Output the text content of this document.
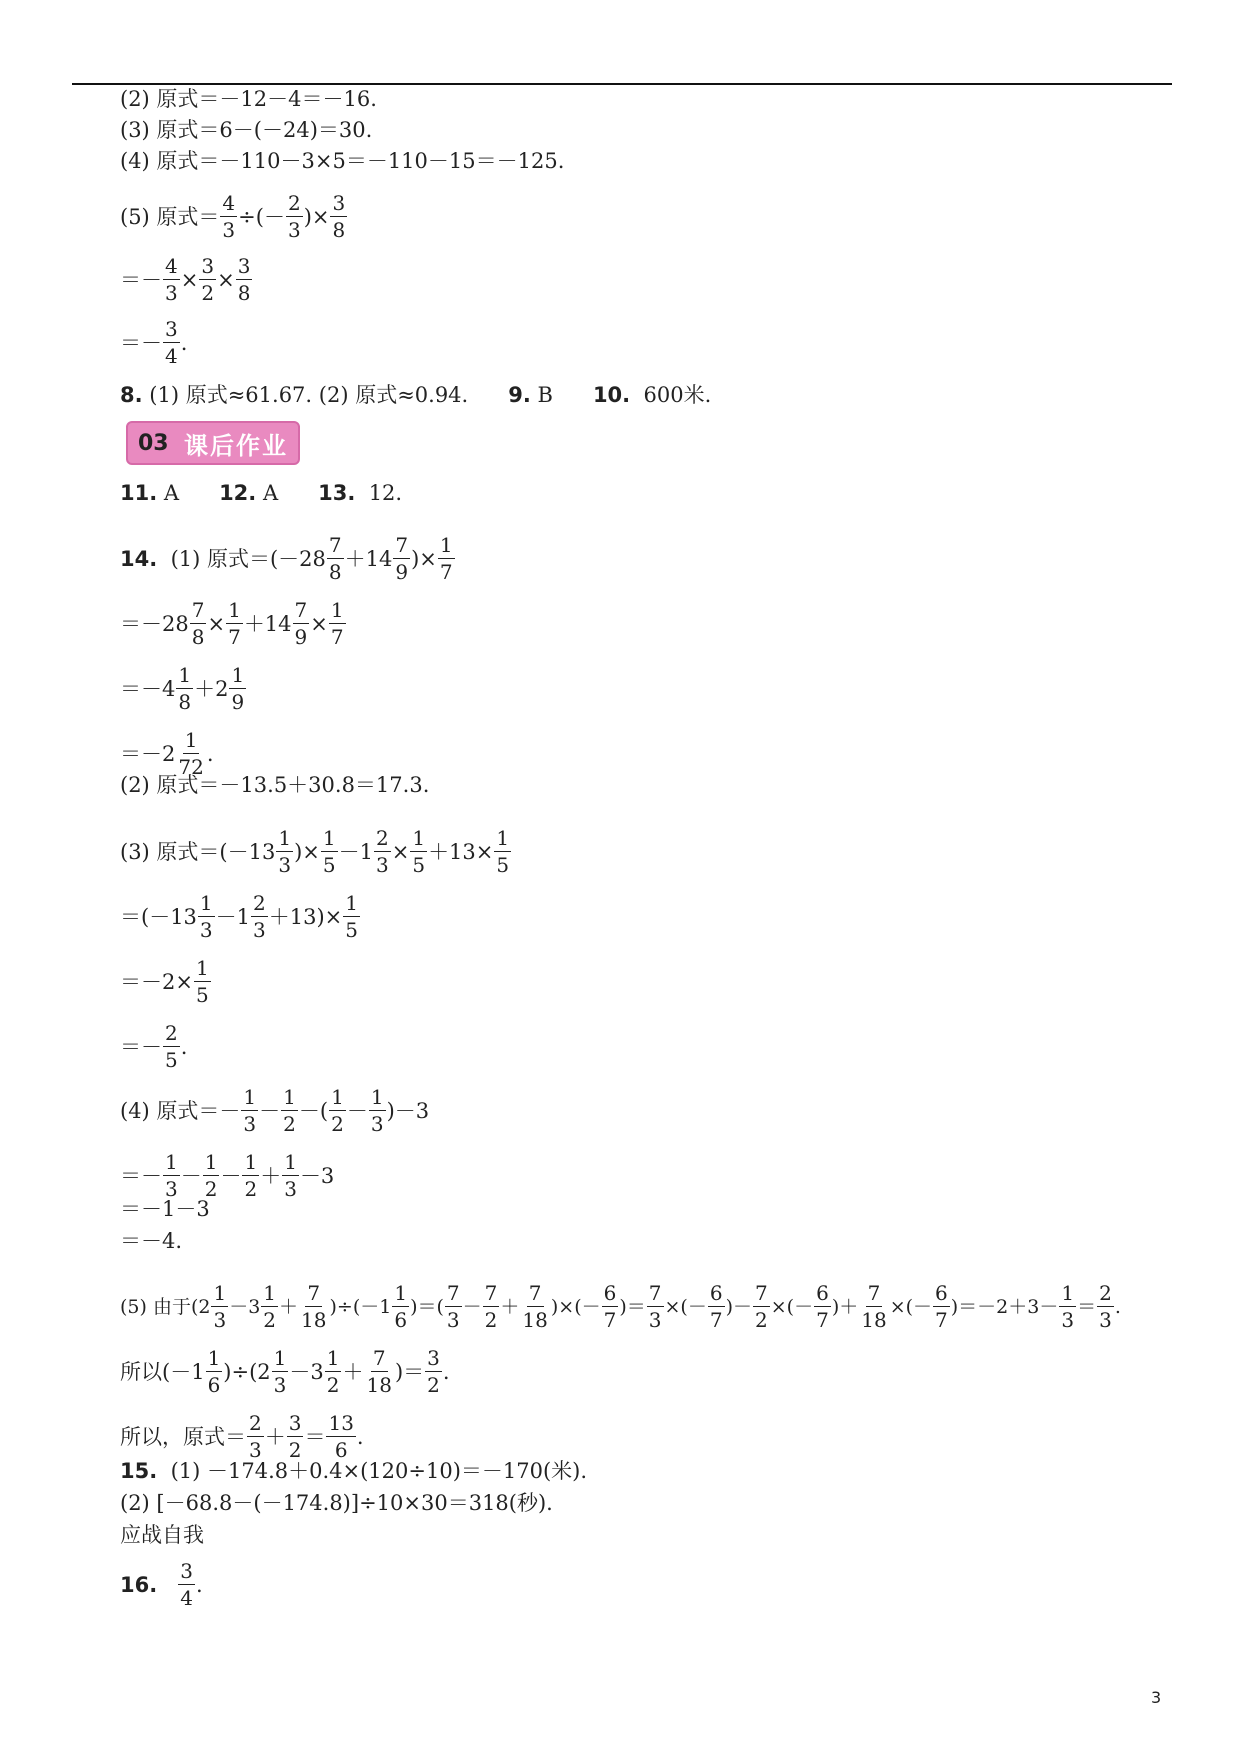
(2) 原式＝－12－4＝－16.
(3) 原式＝6－(－24)＝30.
(4) 原式＝－110－3×5＝－110－15＝－125.
(5) 原式＝
4
3
÷(－
2
3
)×
3
8
＝－
4
3
×
3
2
×
3
8
＝－
3
4
.
8.
(1) 原式≈61.67. (2) 原式≈0.94. 9.
B 10.
600米.
03 课后作业
11.
A 12.
A 13.
12.
14.
(1) 原式＝(－28
7
8
＋14
7
9
)×
1
7
＝－28
7
8
×
1
7
＋14
7
9
×
1
7
＝－4
1
8
＋2
1
9
＝－2
1
72
.
(2) 原式＝－13.5＋30.8＝17.3.
(3) 原式＝(－13
1
3
)×
1
5
－1
2
3
×
1
5
＋13×
1
5
＝(－13
1
3
－1
2
3
＋13)×
1
5
＝－2×
1
5
＝－
2
5
.
(4) 原式＝－
1
3
－
1
2
－(
1
2
－
1
3
)－3
＝－
1
3
－
1
2
－
1
2
＋
1
3
－3
＝－1－3
＝－4.
(5) 由于(2
1
3
－3
1
2
＋
7
18
)÷(－1
1
6
)＝(
7
3
－
7
2
＋
7
18
)×(－
6
7
)＝
7
3
×(－
6
7
)－
7
2
×(－
6
7
)＋
7
18
×(－
6
7
)＝－2＋3－
1
3
＝
2
3
.
所以(－1
1
6
)÷(2
1
3
－3
1
2
＋
7
18
)＝
3
2
.
所以，原式＝
2
3
＋
3
2
＝
13
6
.
15.
(1) －174.8＋0.4×(120÷10)＝－170(米).
(2) [－68.8－(－174.8)]÷10×30＝318(秒).
应战自我
16.

3
4
.
3
